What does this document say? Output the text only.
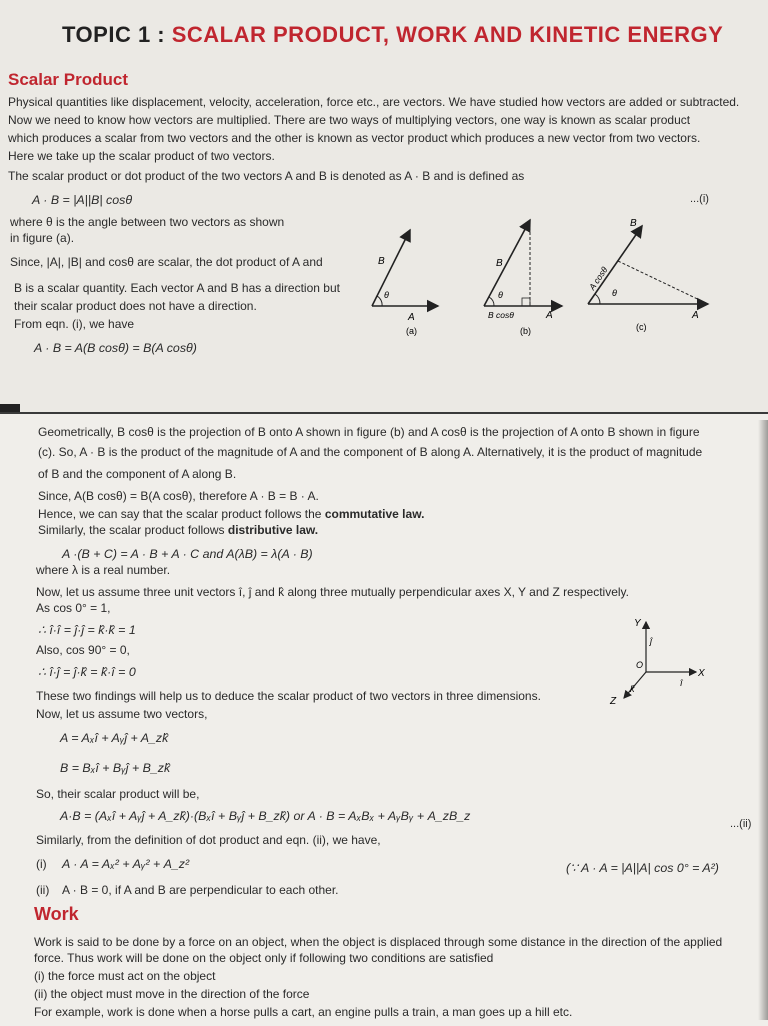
TOPIC 1 : SCALAR PRODUCT, WORK AND KINETIC ENERGY
Scalar Product
Physical quantities like displacement, velocity, acceleration, force etc., are vectors. We have studied how vectors are added or subtracted.
Now we need to know how vectors are multiplied. There are two ways of multiplying vectors, one way is known as scalar product
which produces a scalar from two vectors and the other is known as vector product which produces a new vector from two vectors.
Here we take up the scalar product of two vectors.
The scalar product or dot product of the two vectors A and B is denoted as A · B and is defined as
A · B = |A||B| cosθ	...(i)
where θ is the angle between two vectors as shown
in figure (a).
Since, |A|, |B| and cosθ are scalar, the dot product of A and
B is a scalar quantity. Each vector A and B has a direction but
their scalar product does not have a direction.
From eqn. (i), we have
A · B = A(B cosθ) = B(A cosθ)
B
θ
A
(a)
B
θ
B cosθ	A
(b)
B
θ
A cosθ
A
(c)
Geometrically, B cosθ is the projection of B onto A shown in figure (b) and A cosθ is the projection of A onto B shown in figure
(c). So, A · B is the product of the magnitude of A and the component of B along A. Alternatively, it is the product of magnitude
of B and the component of A along B.
Since, A(B cosθ) = B(A cosθ), therefore A · B = B · A.
Hence, we can say that the scalar product follows the commutative law.
Similarly, the scalar product follows distributive law.
A ·(B + C) = A · B + A · C and A(λB) = λ(A · B)
where λ is a real number.
Now, let us assume three unit vectors î, ĵ and k̂ along three mutually perpendicular axes X, Y and Z respectively.
As cos 0° = 1,
∴ î·î = ĵ·ĵ = k̂·k̂ = 1
Also, cos 90° = 0,
∴ î·ĵ = ĵ·k̂ = k̂·î = 0
These two findings will help us to deduce the scalar product of two vectors in three dimensions.
Now, let us assume two vectors,
A = Aₓî + Aᵧĵ + A_zk̂
B = Bₓî + Bᵧĵ + B_zk̂
So, their scalar product will be,
A·B = (Aₓî + Aᵧĵ + A_zk̂)·(Bₓî + Bᵧĵ + B_zk̂) or A · B = AₓBₓ + AᵧBᵧ + A_zB_z
...(ii)
Similarly, from the definition of dot product and eqn. (ii), we have,
(i) A · A = Aₓ² + Aᵧ² + A_z²	(∵ A · A = |A||A| cos 0° = A²)
(ii) A · B = 0, if A and B are perpendicular to each other.
Y
ĵ
X
î
O
Z
k̂
Work
Work is said to be done by a force on an object, when the object is displaced through some distance in the direction of the applied
force. Thus work will be done on the object only if following two conditions are satisfied
(i) the force must act on the object
(ii) the object must move in the direction of the force
For example, work is done when a horse pulls a cart, an engine pulls a train, a man goes up a hill etc.
